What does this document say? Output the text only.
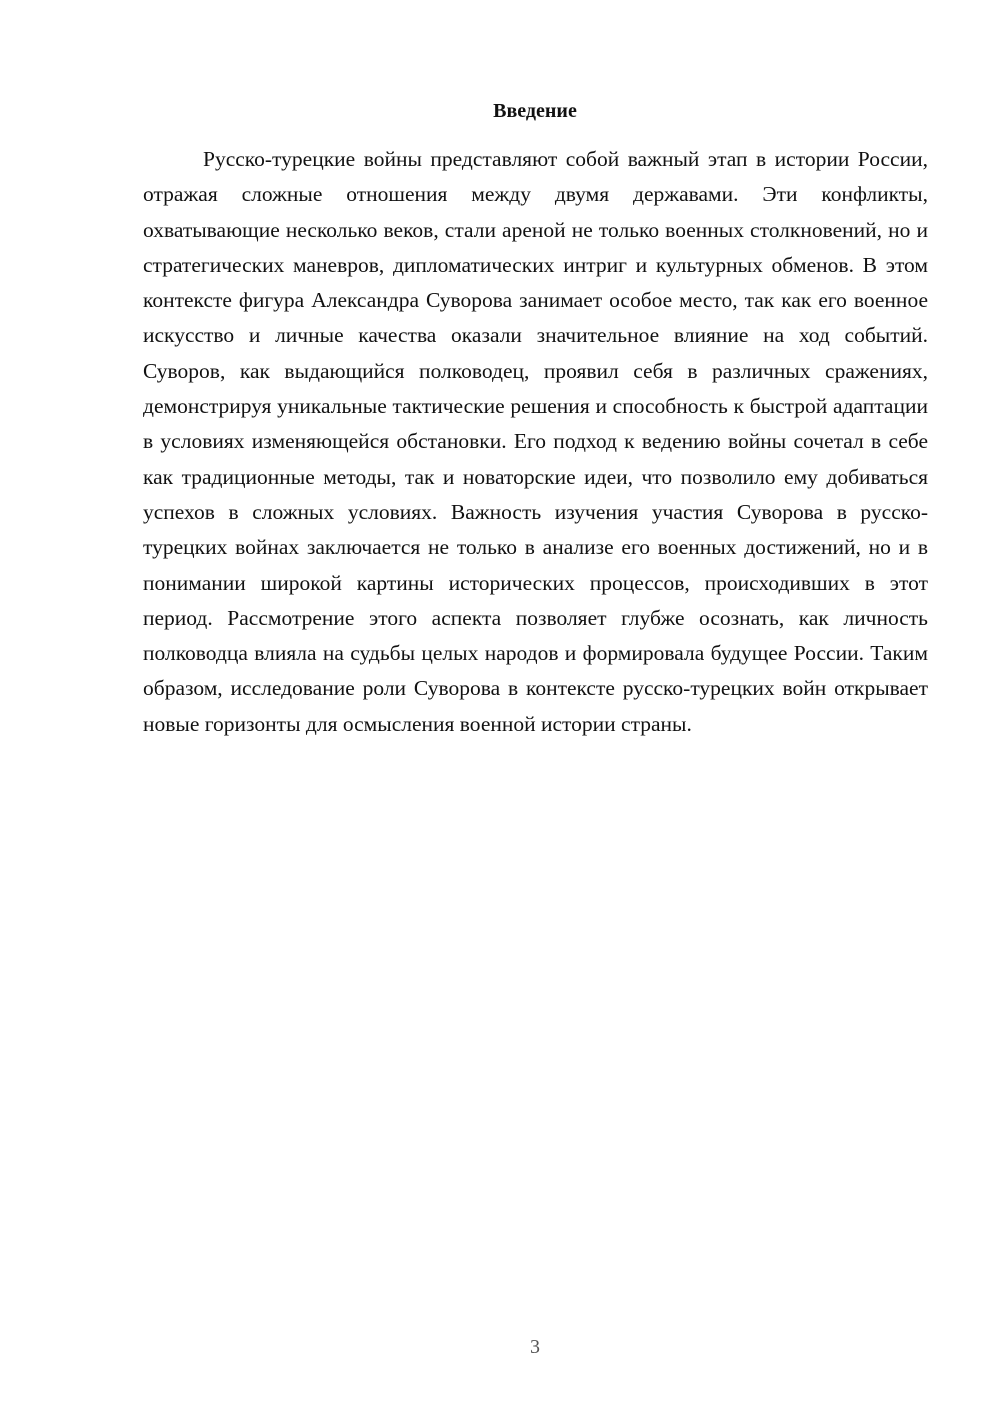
Введение

Русско-турецкие войны представляют собой важный этап в истории России, отражая сложные отношения между двумя державами. Эти конфликты, охватывающие несколько веков, стали ареной не только военных столкновений, но и стратегических маневров, дипломатических интриг и культурных обменов. В этом контексте фигура Александра Суворова занимает особое место, так как его военное искусство и личные качества оказали значительное влияние на ход событий. Суворов, как выдающийся полководец, проявил себя в различных сражениях, демонстрируя уникальные тактические решения и способность к быстрой адаптации в условиях изменяющейся обстановки. Его подход к ведению войны сочетал в себе как традиционные методы, так и новаторские идеи, что позволило ему добиваться успехов в сложных условиях. Важность изучения участия Суворова в русско-турецких войнах заключается не только в анализе его военных достижений, но и в понимании широкой картины исторических процессов, происходивших в этот период. Рассмотрение этого аспекта позволяет глубже осознать, как личность полководца влияла на судьбы целых народов и формировала будущее России. Таким образом, исследование роли Суворова в контексте русско-турецких войн открывает новые горизонты для осмысления военной истории страны.

3
